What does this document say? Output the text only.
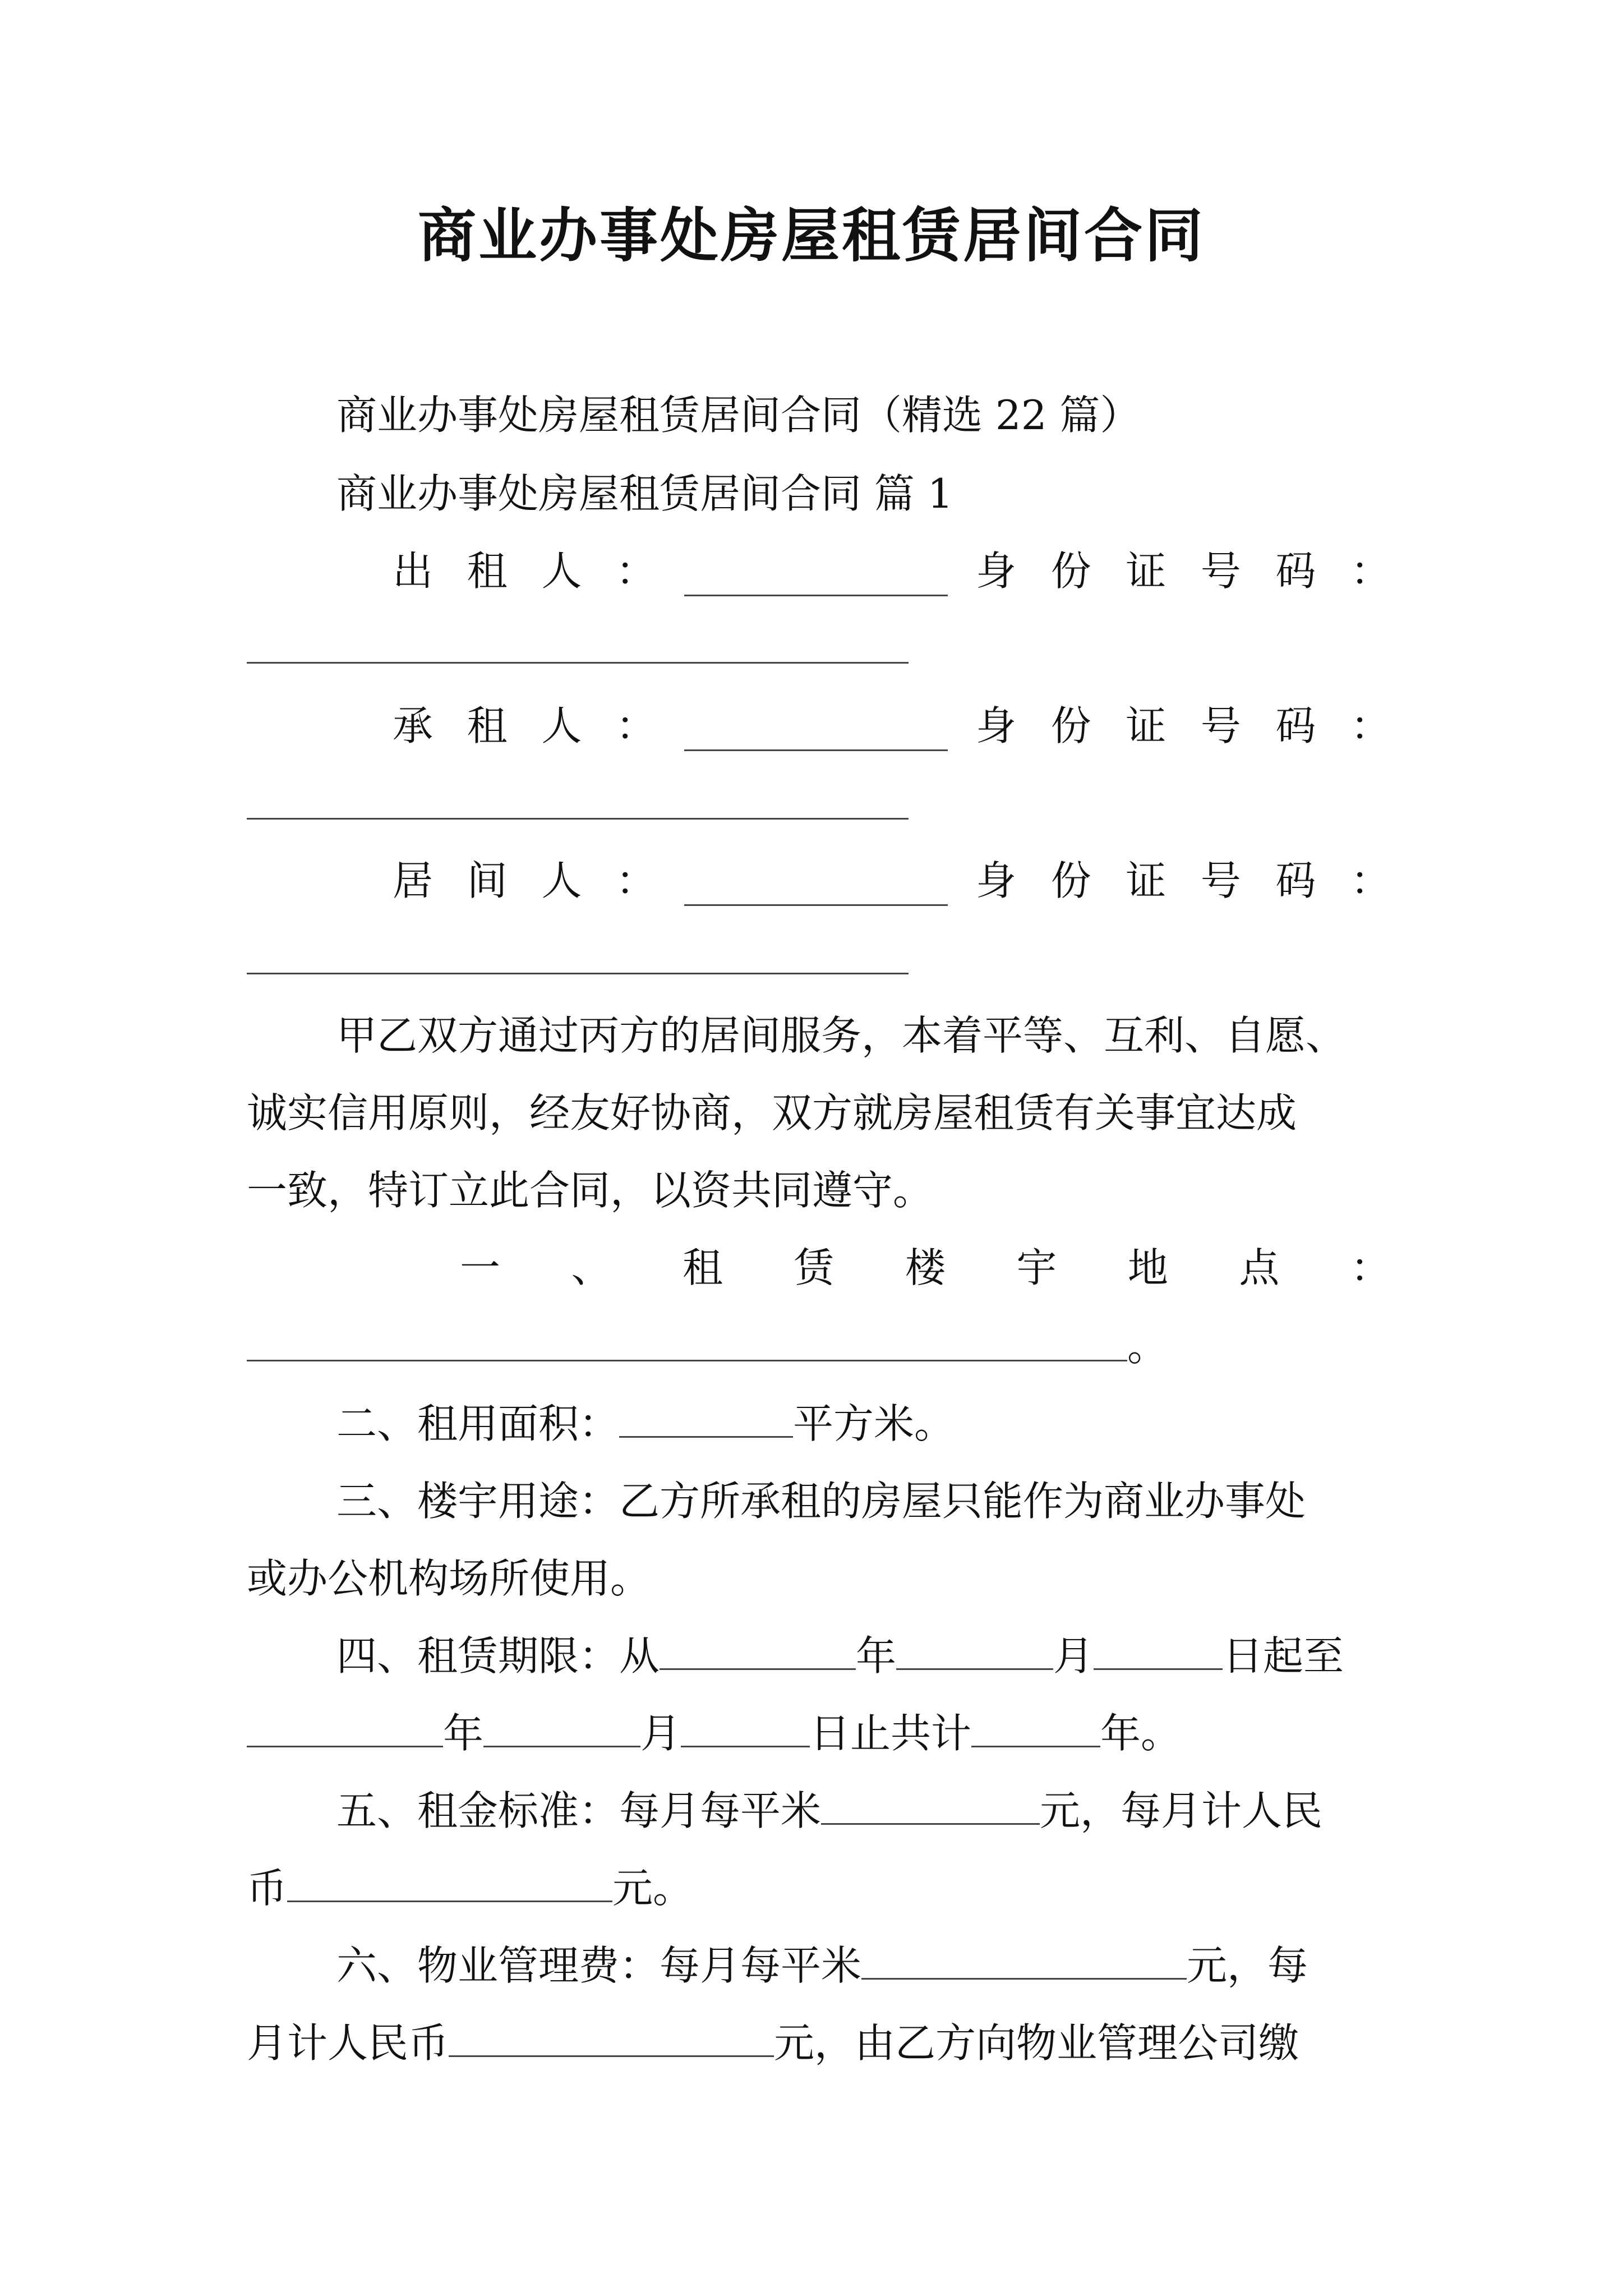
商业办事处房屋租赁居间合同
商业办事处房屋租赁居间合同（精选 22 篇）
商业办事处房屋租赁居间合同 篇 1
出 租 人 ：	身 份 证 号 码 ：
承 租 人 ：	身 份 证 号 码 ：
居 间 人 ：	身 份 证 号 码 ：
甲乙双方通过丙方的居间服务，本着平等、互利、自愿、
诚实信用原则，经友好协商，双方就房屋租赁有关事宜达成
一致，特订立此合同，以资共同遵守。
一 、 租 赁 楼 宇 地 点 ：
。
二、租用面积：	平方米。
三、楼宇用途：乙方所承租的房屋只能作为商业办事处
或办公机构场所使用。
四、租赁期限：从	年	月	日起至
年	月	日止共计	年。
五、租金标准：每月每平米	元，每月计人民
币	元。
六、物业管理费：每月每平米	元，每
月计人民币	元，由乙方向物业管理公司缴
